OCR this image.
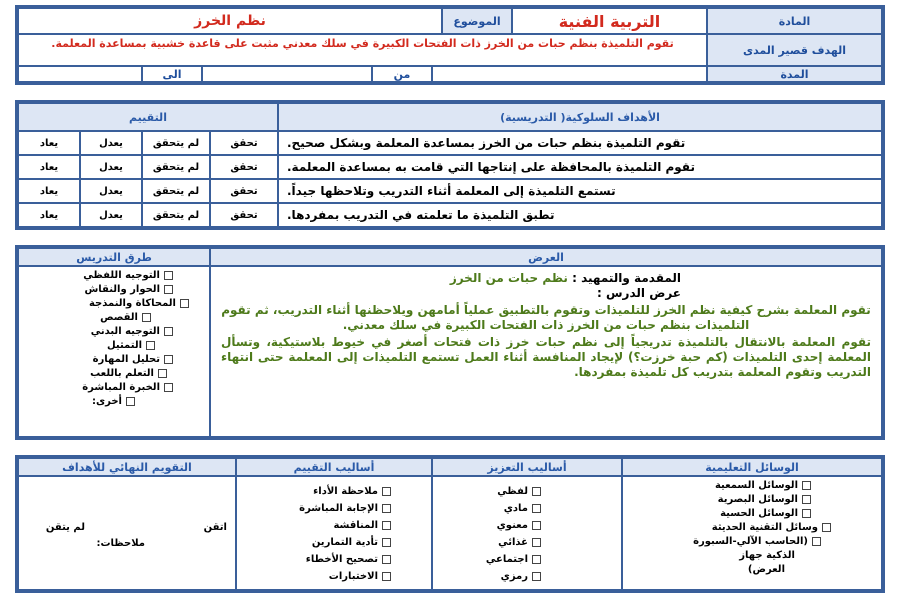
المادة
التربية الفنية
الموضوع
نظم الخرز
الهدف قصير المدى
تقوم التلميذة بنظم حبات من الخرز ذات الفتحات الكبيرة في سلك معدني مثبت على قاعدة خشبية بمساعدة المعلمة.
المدة
من
الى
الأهداف السلوكية( التدريسية)
التقييم
تقوم التلميذة بنظم حبات من الخرز بمساعدة المعلمة وبشكل صحيح.
تحقق
لم يتحقق
يعدل
يعاد
تقوم التلميذة بالمحافظة على إنتاجها التي قامت به بمساعدة المعلمة.
تحقق
لم يتحقق
يعدل
يعاد
تستمع التلميذة إلى المعلمة أثناء التدريب وتلاحظها جيداً.
تحقق
لم يتحقق
يعدل
يعاد
تطبق التلميذة ما تعلمته في التدريب بمفردها.
تحقق
لم يتحقق
يعدل
يعاد
العرض
طرق التدريس
المقدمة والتمهيد : نظم حبات من الخرز
عرض الدرس :
تقوم المعلمة بشرح كيفية نظم الخرز للتلميذات وتقوم بالتطبيق عملياً أمامهن ويلاحظنها أثناء التدريب، ثم تقوم التلميذات بنظم حبات من الخرز ذات الفتحات الكبيرة في سلك معدني.
تقوم المعلمة بالانتقال بالتلميذة تدريجياً إلى نظم حبات خرز ذات فتحات أصغر في خيوط بلاستيكية، وتسأل المعلمة إحدى التلميذات (كم حبة خرزت؟) لإيجاد المنافسة أثناء العمل تستمع التلميذات إلى المعلمة حتى انتهاء التدريب وتقوم المعلمة بتدريب كل تلميذة بمفردها.
التوجيه اللفظي
الحوار والنقاش
المحاكاة والنمذجة
القصص
التوجيه البدني
التمثيل
تحليل المهارة
التعلم باللعب
الخبرة المباشرة
أخرى:
الوسائل التعليمية
أساليب التعزيز
أساليب التقييم
التقويم النهائي للأهداف
الوسائل السمعية
الوسائل البصرية
الوسائل الحسية
وسائل التقنية الحديثة
(الحاسب الآلي-السبورة
الذكية جهاز
العرض)
لفظي
مادي
معنوي
غذائي
اجتماعي
رمزي
ملاحظة الأداء
الإجابة المباشرة
المناقشة
تأدية التمارين
تصحيح الأخطاء
الاختبارات
اتقن
لم يتقن
ملاحظات:
